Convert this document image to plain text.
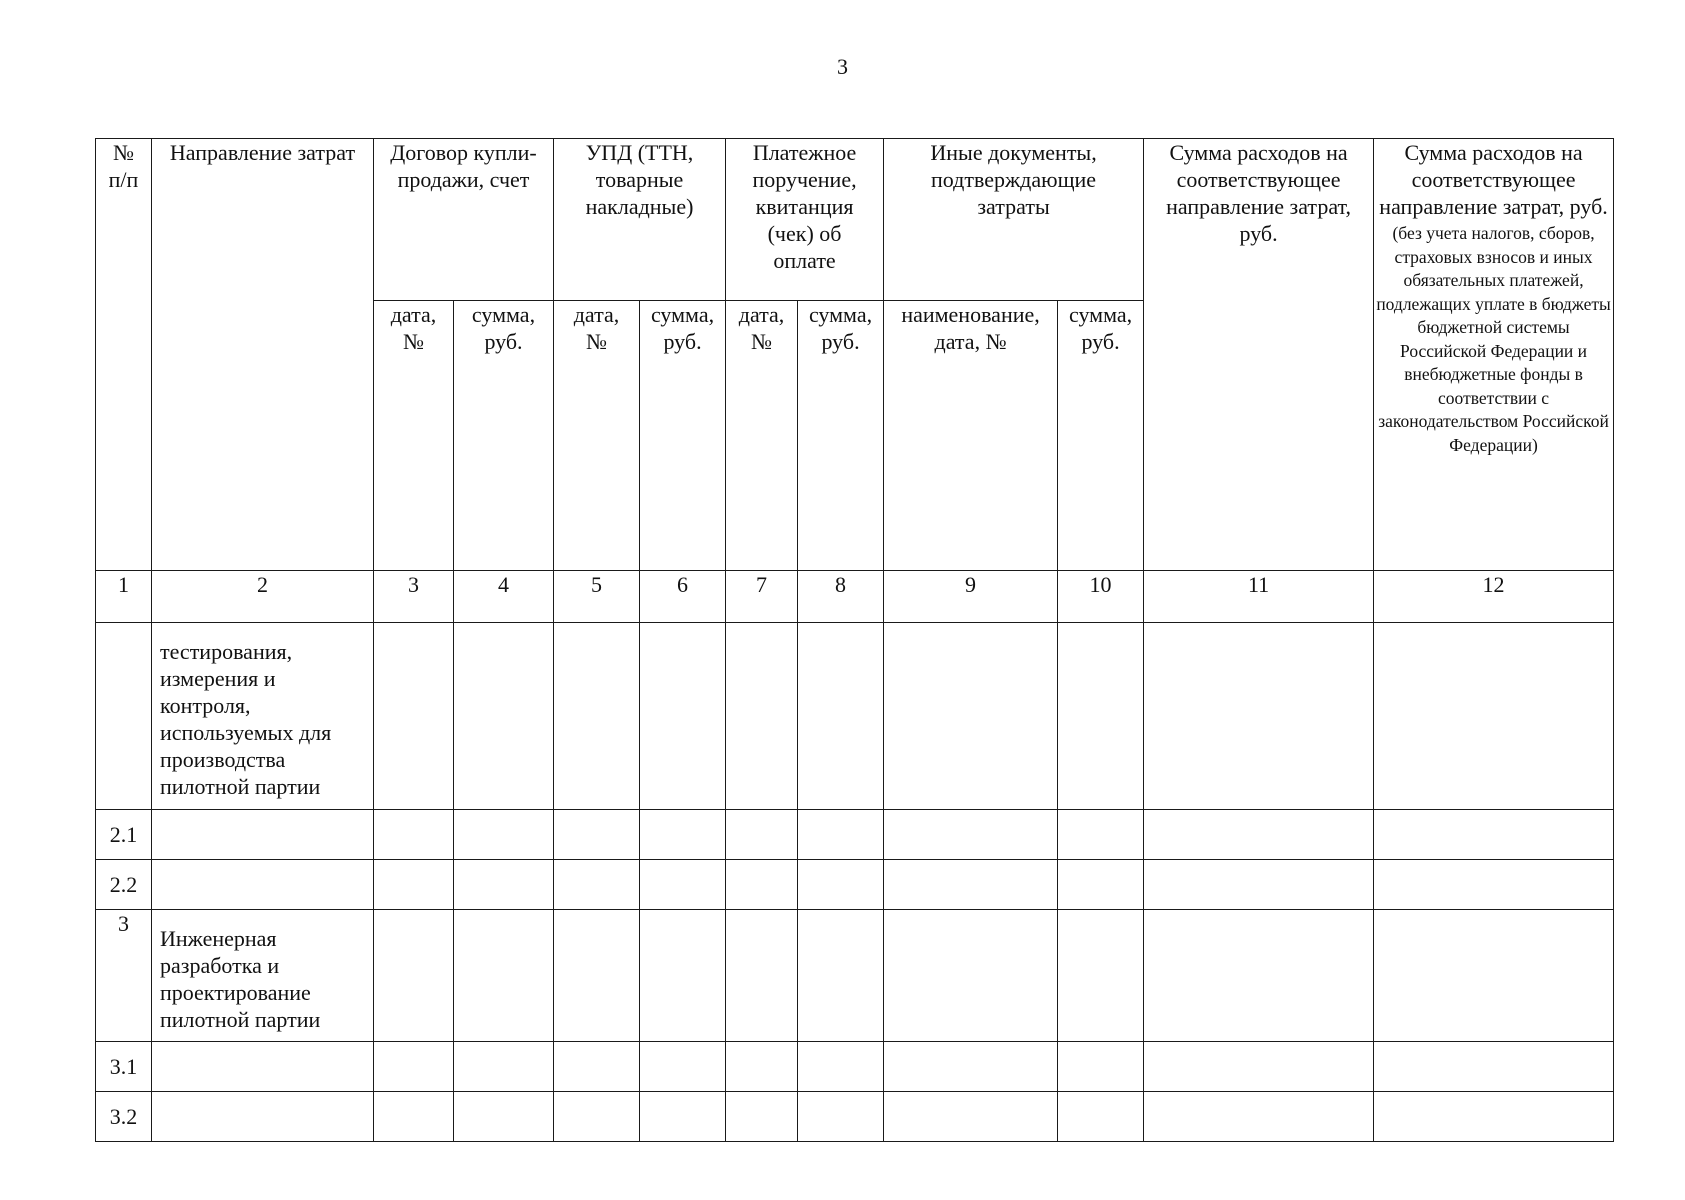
3
№ п/п	Направление затрат	Договор купли-продажи, счет		УПД (ТТН, товарные накладные)		Платежное поручение, квитанция (чек) об оплате		Иные документы, подтверждающие затраты		Сумма расходов на соответствующее направление затрат, руб.	Сумма расходов на соответствующее направление затрат, руб.
(без учета налогов, сборов, страховых взносов и иных обязательных платежей, подлежащих уплате в бюджеты бюджетной системы Российской Федерации и внебюджетные фонды в соответствии с законодательством Российской Федерации)

		дата, №	сумма, руб.	дата, №	сумма, руб.	дата, №	сумма, руб.	наименование, дата, №	сумма, руб.		
1	2	3	4	5	6	7	8	9	10	11	12
	тестирования, измерения и контроля, используемых для производства пилотной партии										
2.1											
2.2											
3	Инженерная разработка и проектирование пилотной партии										
3.1											
3.2											
